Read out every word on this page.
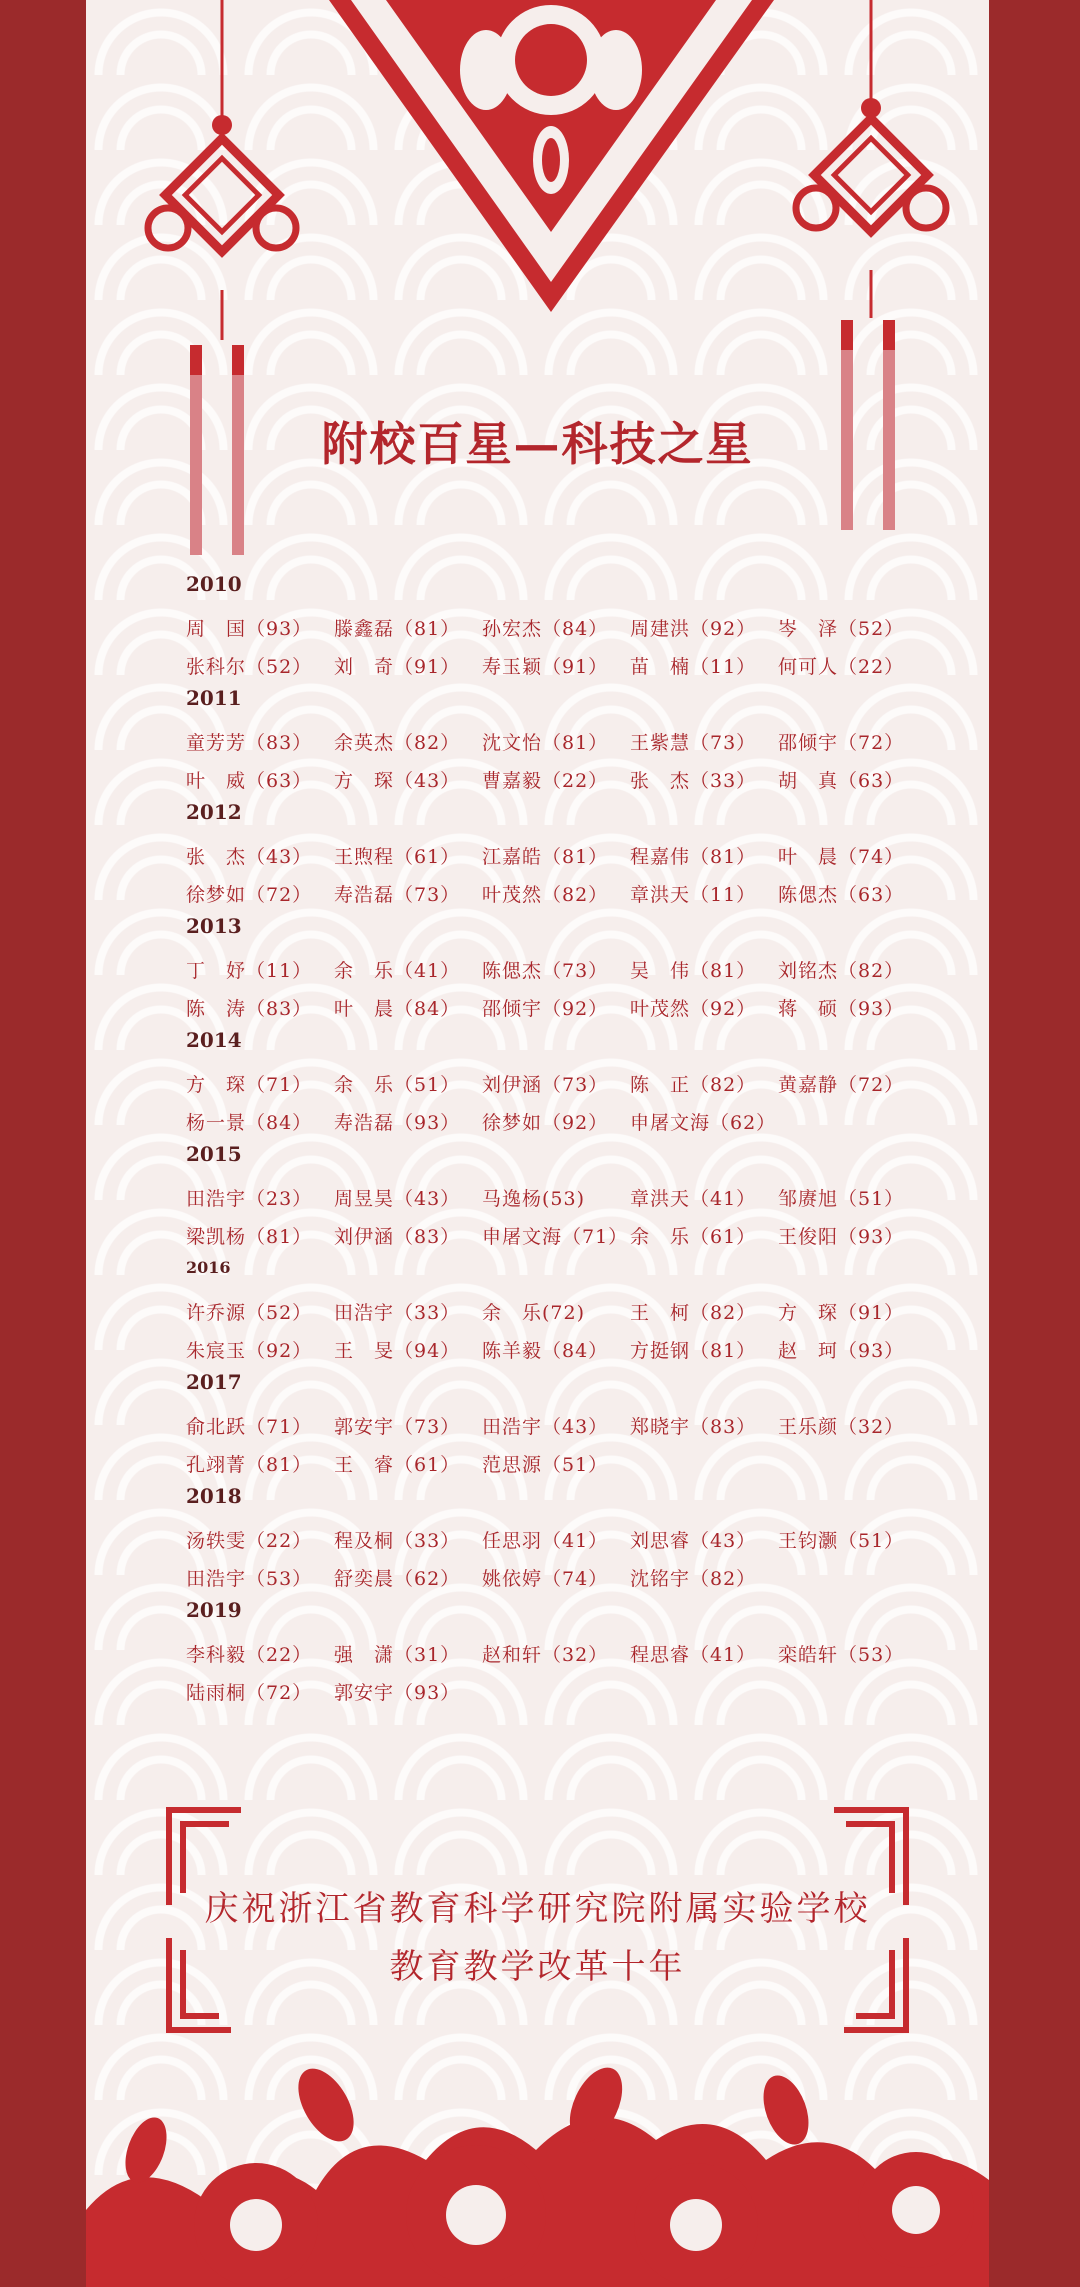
附校百星—科技之星
2010
周　国（93）	滕鑫磊（81）	孙宏杰（84）	周建洪（92）	岑　泽（52）
张科尔（52）	刘　奇（91）	寿玉颖（91）	苗　楠（11）	何可人（22）
2011
童芳芳（83）	余英杰（82）	沈文怡（81）	王紫慧（73）	邵倾宇（72）
叶　威（63）	方　琛（43）	曹嘉毅（22）	张　杰（33）	胡　真（63）
2012
张　杰（43）	王煦程（61）	江嘉皓（81）	程嘉伟（81）	叶　晨（74）
徐梦如（72）	寿浩磊（73）	叶茂然（82）	章洪天（11）	陈偲杰（63）
2013
丁　妤（11）	余　乐（41）	陈偲杰（73）	吴　伟（81）	刘铭杰（82）
陈　涛（83）	叶　晨（84）	邵倾宇（92）	叶茂然（92）	蒋　硕（93）
2014
方　琛（71）	余　乐（51）	刘伊涵（73）	陈　正（82）	黄嘉静（72）
杨一景（84）	寿浩磊（93）	徐梦如（92）	申屠文海（62）
2015
田浩宇（23）	周昱昊（43）	马逸杨(53)	章洪天（41）	邹赓旭（51）
梁凯杨（81）	刘伊涵（83）	申屠文海（71） 余　乐（61）	王俊阳（93）
2016
许乔源（52）	田浩宇（33）	余　乐(72)	王　柯（82）	方　琛（91）
朱宸玉（92）	王　旻（94）	陈羊毅（84）	方挺钢（81）	赵　珂（93）
2017
俞北跃（71）	郭安宇（73）	田浩宇（43）	郑晓宇（83）	王乐颜（32）
孔翊菁（81）	王　睿（61）	范思源（51）
2018
汤轶雯（22）	程及桐（33）	任思羽（41）	刘思睿（43）	王钧灏（51）
田浩宇（53）	舒奕晨（62）	姚依婷（74）	沈铭宇（82）
2019
李科毅（22）	强　潇（31）	赵和轩（32）	程思睿（41）	栾皓轩（53）
陆雨桐（72）	郭安宇（93）
庆祝浙江省教育科学研究院附属实验学校
教育教学改革十年
